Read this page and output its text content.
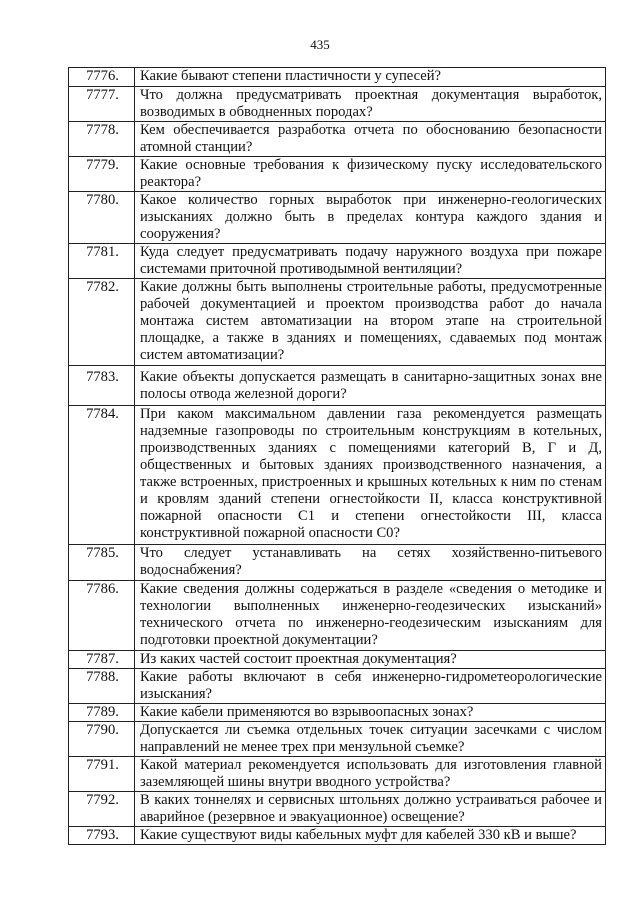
435
7776.	Какие бывают степени пластичности у супесей?
7777.	Что должна предусматривать проектная документация выработок, возводимых в обводненных породах?
7778.	Кем обеспечивается разработка отчета по обоснованию безопасности атомной станции?
7779.	Какие основные требования к физическому пуску исследовательского реактора?
7780.	Какое количество горных выработок при инженерно-геологических изысканиях должно быть в пределах контура каждого здания и сооружения?
7781.	Куда следует предусматривать подачу наружного воздуха при пожаре системами приточной противодымной вентиляции?
7782.	Какие должны быть выполнены строительные работы, предусмотренные рабочей документацией и проектом производства работ до начала монтажа систем автоматизации на втором этапе на строительной площадке, а также в зданиях и помещениях, сдаваемых под монтаж систем автоматизации?
7783.	Какие объекты допускается размещать в санитарно-защитных зонах вне полосы отвода железной дороги?
7784.	При каком максимальном давлении газа рекомендуется размещать надземные газопроводы по строительным конструкциям в котельных, производственных зданиях с помещениями категорий В, Г и Д, общественных и бытовых зданиях производственного назначения, а также встроенных, пристроенных и крышных котельных к ним по стенам и кровлям зданий степени огнестойкости II, класса конструктивной пожарной опасности С1 и степени огнестойкости III, класса конструктивной пожарной опасности С0?
7785.	Что следует устанавливать на сетях хозяйственно-питьевого водоснабжения?
7786.	Какие сведения должны содержаться в разделе «сведения о методике и технологии выполненных инженерно-геодезических изысканий» технического отчета по инженерно-геодезическим изысканиям для подготовки проектной документации?
7787.	Из каких частей состоит проектная документация?
7788.	Какие работы включают в себя инженерно-гидрометеорологические изыскания?
7789.	Какие кабели применяются во взрывоопасных зонах?
7790.	Допускается ли съемка отдельных точек ситуации засечками с числом направлений не менее трех при мензульной съемке?
7791.	Какой материал рекомендуется использовать для изготовления главной заземляющей шины внутри вводного устройства?
7792.	В каких тоннелях и сервисных штольнях должно устраиваться рабочее и аварийное (резервное и эвакуационное) освещение?
7793.	Какие существуют виды кабельных муфт для кабелей 330 кВ и выше?
